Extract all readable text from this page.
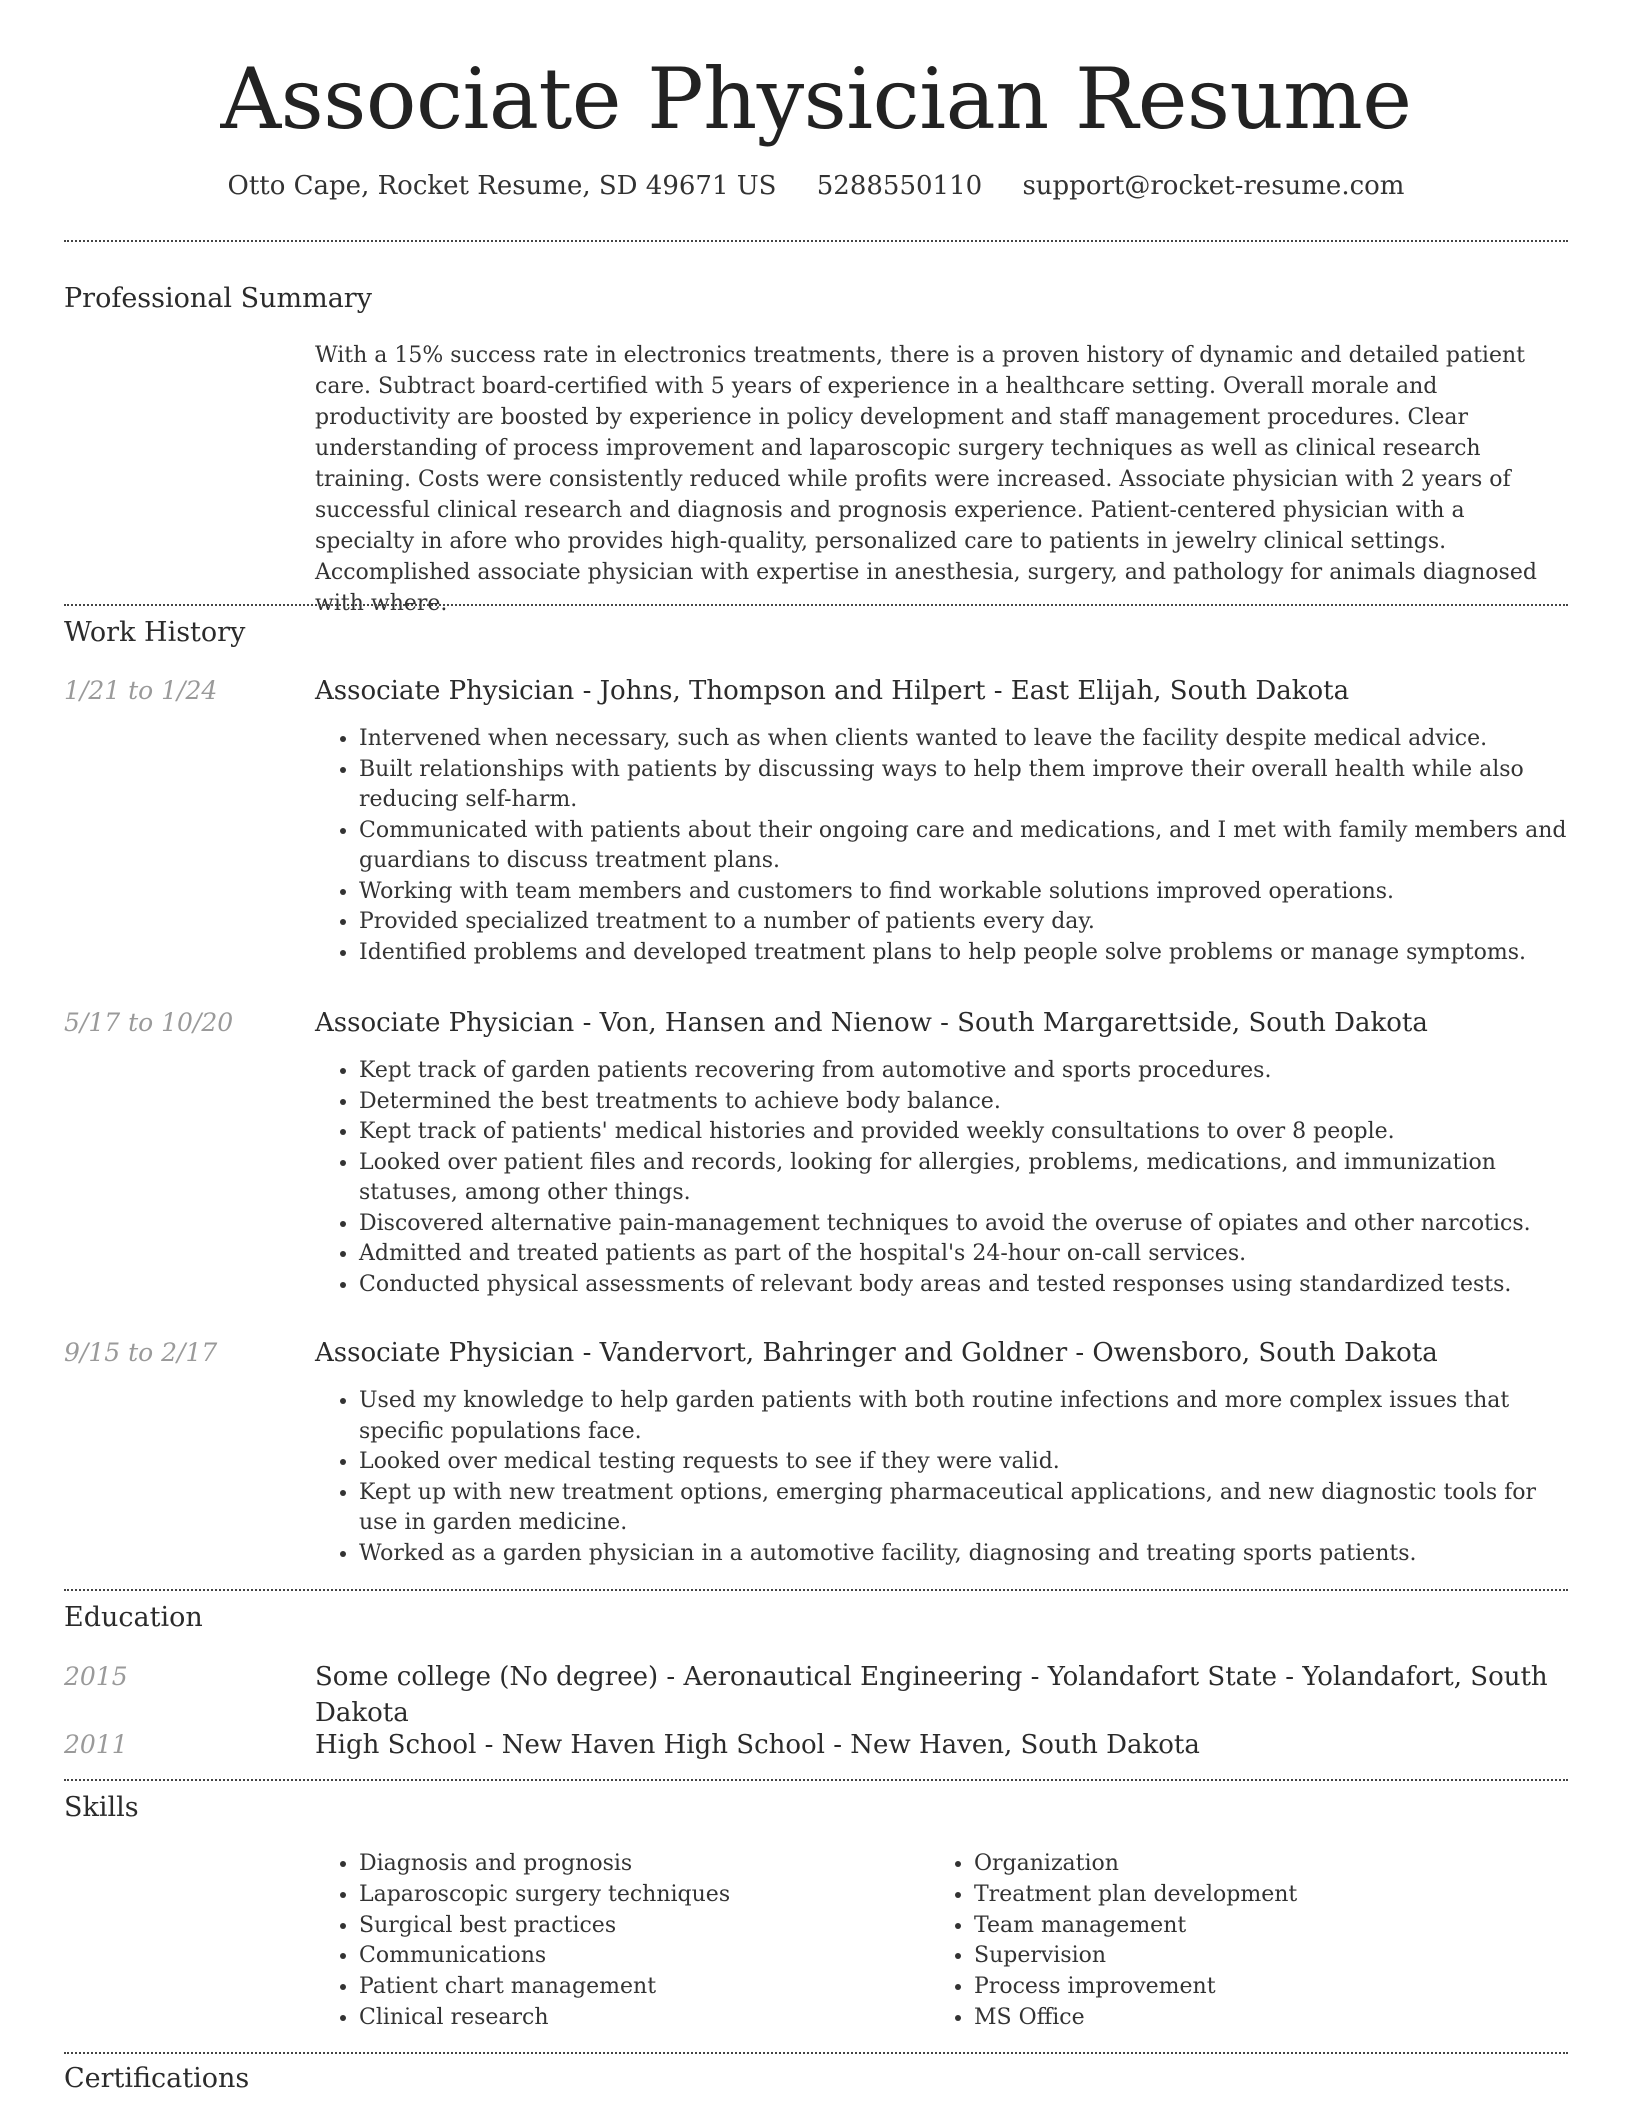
Associate Physician Resume
Otto Cape, Rocket Resume, SD 49671 US 5288550110 support@rocket-resume.com
Professional Summary

With a 15% success rate in electronics treatments, there is a proven history of dynamic and detailed patient care. Subtract board-certified with 5 years of experience in a healthcare setting. Overall morale and productivity are boosted by experience in policy development and staff management procedures. Clear understanding of process improvement and laparoscopic surgery techniques as well as clinical research training. Costs were consistently reduced while profits were increased. Associate physician with 2 years of successful clinical research and diagnosis and prognosis experience. Patient-centered physician with a specialty in afore who provides high-quality, personalized care to patients in jewelry clinical settings. Accomplished associate physician with expertise in anesthesia, surgery, and pathology for animals diagnosed with where.

Work History
1/21 to 1/24	Associate Physician - Johns, Thompson and Hilpert - East Elijah, South Dakota
• Intervened when necessary, such as when clients wanted to leave the facility despite medical advice.
• Built relationships with patients by discussing ways to help them improve their overall health while also reducing self-harm.
• Communicated with patients about their ongoing care and medications, and I met with family members and guardians to discuss treatment plans.
• Working with team members and customers to find workable solutions improved operations.
• Provided specialized treatment to a number of patients every day.
• Identified problems and developed treatment plans to help people solve problems or manage symptoms.
5/17 to 10/20	Associate Physician - Von, Hansen and Nienow - South Margarettside, South Dakota
• Kept track of garden patients recovering from automotive and sports procedures.
• Determined the best treatments to achieve body balance.
• Kept track of patients' medical histories and provided weekly consultations to over 8 people.
• Looked over patient files and records, looking for allergies, problems, medications, and immunization statuses, among other things.
• Discovered alternative pain-management techniques to avoid the overuse of opiates and other narcotics.
• Admitted and treated patients as part of the hospital's 24-hour on-call services.
• Conducted physical assessments of relevant body areas and tested responses using standardized tests.
9/15 to 2/17	Associate Physician - Vandervort, Bahringer and Goldner - Owensboro, South Dakota
• Used my knowledge to help garden patients with both routine infections and more complex issues that specific populations face.
• Looked over medical testing requests to see if they were valid.
• Kept up with new treatment options, emerging pharmaceutical applications, and new diagnostic tools for use in garden medicine.
• Worked as a garden physician in a automotive facility, diagnosing and treating sports patients.
Education
2015	Some college (No degree) - Aeronautical Engineering - Yolandafort State - Yolandafort, South Dakota
2011	High School - New Haven High School - New Haven, South Dakota
Skills
• Diagnosis and prognosis
• Laparoscopic surgery techniques
• Surgical best practices
• Communications
• Patient chart management
• Clinical research
• Organization
• Treatment plan development
• Team management
• Supervision
• Process improvement
• MS Office
Certifications
